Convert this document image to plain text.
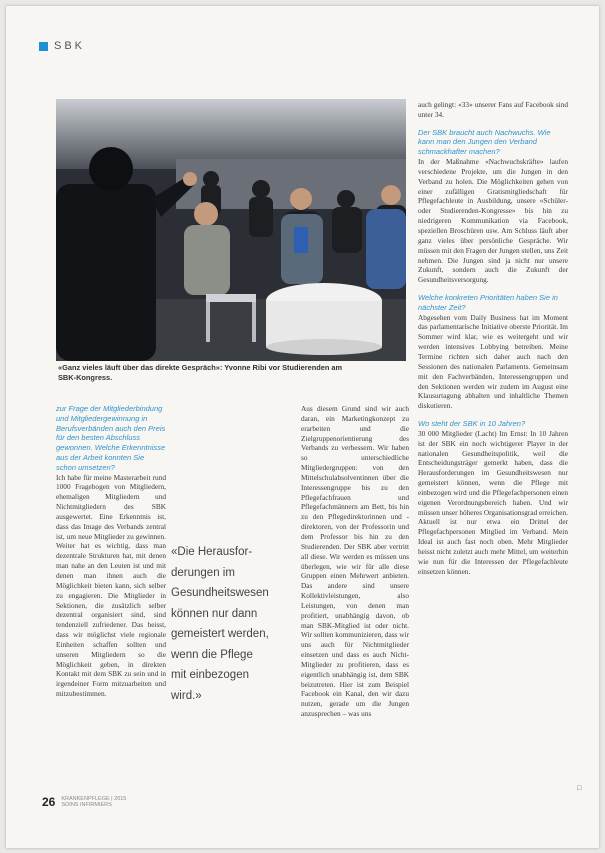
SBK
«Ganz vieles läuft über das direkte Gespräch»: Yvonne Ribi vor Studierenden am
SBK-Kongress.

zur Frage der Mitgliederbindung und Mitgliedergewinnung in Berufsverbänden auch den Preis für den besten Abschluss gewonnen. Welche Erkenntnisse aus der Arbeit konnten Sie schon umsetzen?

Ich habe für meine Masterarbeit rund 1000 Fragebogen von Mitgliedern, ehemaligen Mitgliedern und Nichtmitgliedern des SBK ausgewertet. Eine Erkenntnis ist, dass das Image des Verbands zentral ist, um neue Mitglieder zu gewinnen. Weiter hat es wichtig, dass man dezentrale Strukturen hat, mit denen man nahe an den Leuten ist und mit denen man ihnen auch die Möglichkeit bieten kann, sich selber zu engagieren. Die Mitglieder in Sektionen, die zusätzlich selber dezentral organisiert sind, sind tendenziell zufriedener. Das heisst, dass wir möglichst viele regionale Einheiten schaffen sollten und unseren Mitgliedern so die Möglichkeit geben, in direkten Kontakt mit dem SBK zu sein und in irgendeiner Form mitzuarbeiten und mitzubestimmen.

«Die Herausfor-
derungen im
Gesundheitswesen
können nur dann
gemeistert werden,
wenn die Pflege
mit einbezogen
wird.»

Aus diesem Grund sind wir auch daran, ein Marketingkonzept zu erarbeiten und die Zielgruppenorientierung des Verbands zu verbessern. Wir haben so unterschiedliche Mitgliedergruppen: von den Mittelschulabsolventinnen über die Interessengruppe bis zu den Pflegefachfrauen und Pflegefachmännern am Bett, bis hin zu den Pflegedirektorinnen und -direktoren, von der Professorin und dem Professor bis hin zu den Studierenden. Der SBK aber vertritt all diese. Wir werden es müssen uns überlegen, wie wir für alle diese Gruppen einen Mehrwert anbieten. Das andere sind unsere Kollektivleistungen, also Leistungen, von denen man profitiert, unabhängig davon, ob man SBK-Mitglied ist oder nicht. Wir sollten kommunizieren, dass wir uns auch für Nichtmitglieder einsetzen und dass es auch Nicht-Mitglieder zu profitieren, dass es eigentlich unabhängig ist, dem SBK beizutreten. Hier ist zum Beispiel Facebook ein Kanal, den wir dazu nutzen, gerade um die Jungen anzusprechen – was uns

auch gelingt: «33» unserer Fans auf Facebook sind unter 34.

Der SBK braucht auch Nachwuchs. Wie kann man den Jungen den Verband schmackhafter machen?

In der Maßnahme «Nachwuchskräfte» laufen verschiedene Projekte, um die Jungen in den Verband zu holen. Die Möglichkeiten gehen von einer zufälligen Gratismitgliedschaft für Pflegefachleute in Ausbildung, unsere «Schüler- oder Studierenden-Kongresse» bis hin zu niedrigeren Kommunikation via Facebook, speziellen Broschüren usw. Am Schluss läuft aber ganz vieles über persönliche Gespräche. Wir müssen mit den Fragen der Jungen stellen, uns Zeit nehmen. Die Jungen sind ja nicht nur unsere Zukunft, sondern auch die Zukunft der Gesundheitsversorgung.

Welche konkreten Prioritäten haben Sie in nächster Zeit?

Abgesehen vom Daily Business hat im Moment das parlamentarische Initiative oberste Priorität. Im Sommer wird klar, wie es weitergeht und wir werden intensives Lobbying betreiben. Meine Termine richten sich daher auch nach den Sessionen des nationalen Parlaments. Gemeinsam mit den Fachverbänden, Interessengruppen und den Sektionen werden wir zudem im August eine Klausurtagung abhalten und inhaltliche Themen diskutieren.

Wo steht der SBK in 10 Jahren?

30 000 Mitglieder (Lacht) Im Ernst: In 10 Jahren ist der SBK ein noch wichtigerer Player in der nationalen Gesundheitspolitik, weil die Entscheidungsträger gemerkt haben, dass die Herausforderungen im Gesundheitswesen nur gemeistert können, wenn die Pflege mit einbezogen wird und die Pflegefachpersonen einen eigenen Verordnungsbereich haben. Und wir müssen unser höheres Organisationsgrad erreichen. Aktuell ist nur etwa ein Drittel der Pflegefachpersonen Mitglied im Verband. Mein Ideal ist auch fast noch oben. Mehr Mitglieder heisst nicht zuletzt auch mehr Mittel, um weiterhin wie nun für die Interessen der Pflegefachleute einsetzen können.

26 KRANKENPFLEGE | 2015
SOINS INFIRMIERS
□
